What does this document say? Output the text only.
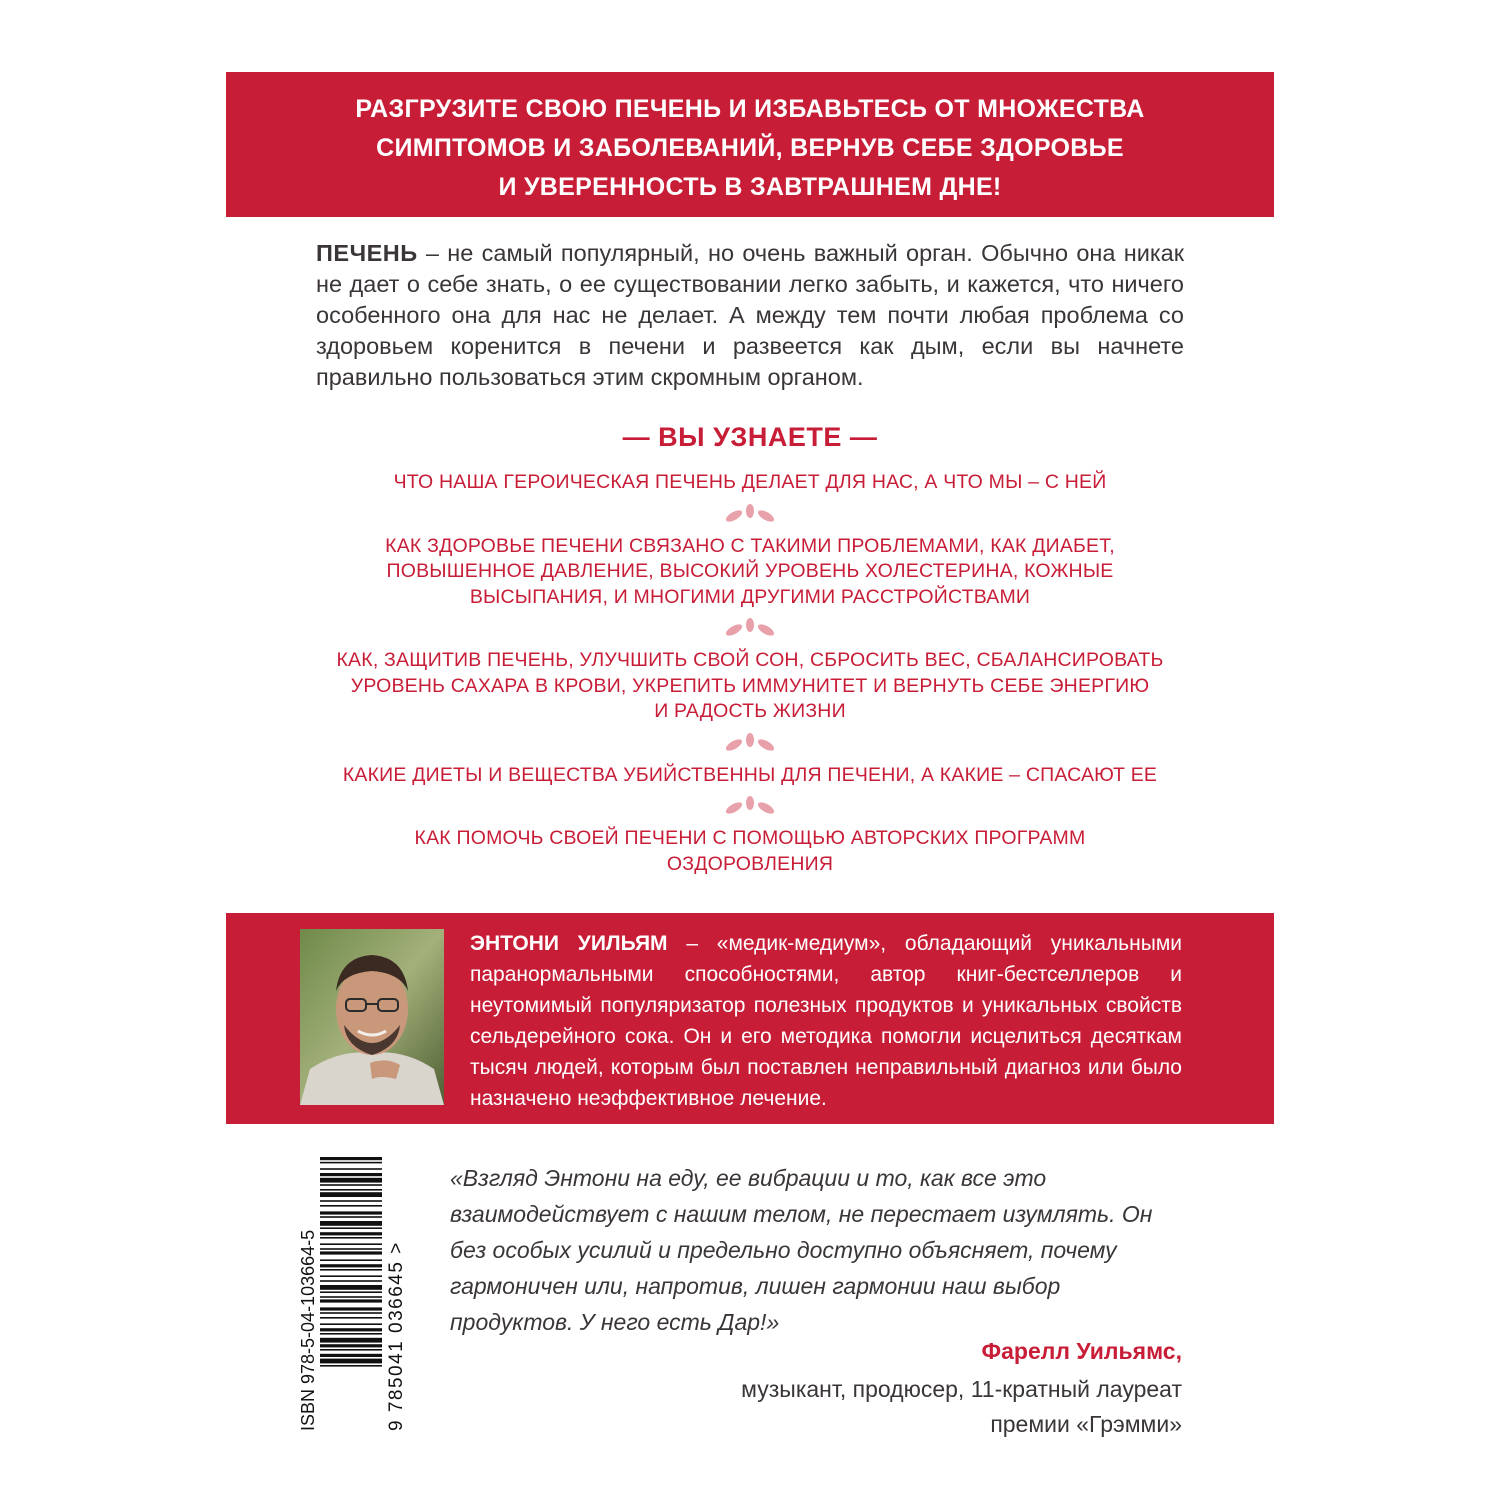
РАЗГРУЗИТЕ СВОЮ ПЕЧЕНЬ И ИЗБАВЬТЕСЬ ОТ МНОЖЕСТВА
СИМПТОМОВ И ЗАБОЛЕВАНИЙ, ВЕРНУВ СЕБЕ ЗДОРОВЬЕ
И УВЕРЕННОСТЬ В ЗАВТРАШНЕМ ДНЕ!
ПЕЧЕНЬ – не самый популярный, но очень важный орган. Обычно она никак не дает о себе знать, о ее существовании легко забыть, и кажется, что ничего особенного она для нас не делает. А между тем почти любая проблема со здоровьем коренится в печени и развеется как дым, если вы начнете правильно пользоваться этим скромным органом.
— ВЫ УЗНАЕТЕ —
ЧТО НАША ГЕРОИЧЕСКАЯ ПЕЧЕНЬ ДЕЛАЕТ ДЛЯ НАС, А ЧТО МЫ – С НЕЙ
КАК ЗДОРОВЬЕ ПЕЧЕНИ СВЯЗАНО С ТАКИМИ ПРОБЛЕМАМИ, КАК ДИАБЕТ,
ПОВЫШЕННОЕ ДАВЛЕНИЕ, ВЫСОКИЙ УРОВЕНЬ ХОЛЕСТЕРИНА, КОЖНЫЕ
ВЫСЫПАНИЯ, И МНОГИМИ ДРУГИМИ РАССТРОЙСТВАМИ
КАК, ЗАЩИТИВ ПЕЧЕНЬ, УЛУЧШИТЬ СВОЙ СОН, СБРОСИТЬ ВЕС, СБАЛАНСИРОВАТЬ
УРОВЕНЬ САХАРА В КРОВИ, УКРЕПИТЬ ИММУНИТЕТ И ВЕРНУТЬ СЕБЕ ЭНЕРГИЮ
И РАДОСТЬ ЖИЗНИ
КАКИЕ ДИЕТЫ И ВЕЩЕСТВА УБИЙСТВЕННЫ ДЛЯ ПЕЧЕНИ, А КАКИЕ – СПАСАЮТ ЕЕ
КАК ПОМОЧЬ СВОЕЙ ПЕЧЕНИ С ПОМОЩЬЮ АВТОРСКИХ ПРОГРАММ
ОЗДОРОВЛЕНИЯ
ЭНТОНИ УИЛЬЯМ – «медик-медиум», обладающий уникальными паранормальными способностями, автор книг-бестселлеров и неутомимый популяризатор полезных продуктов и уникальных свойств сельдерейного сока. Он и его методика помогли исцелиться десяткам тысяч людей, которым был поставлен неправильный диагноз или было назначено неэффективное лечение.
ISBN 978-5-04-103664-5	9 785041 036645 >
«Взгляд Энтони на еду, ее вибрации и то, как все это взаимодействует с нашим телом, не перестает изумлять. Он без особых усилий и предельно доступно объясняет, почему гармоничен или, напротив, лишен гармонии наш выбор продуктов. У него есть Дар!»
Фарелл Уильямс,
музыкант, продюсер, 11-кратный лауреат
премии «Грэмми»
